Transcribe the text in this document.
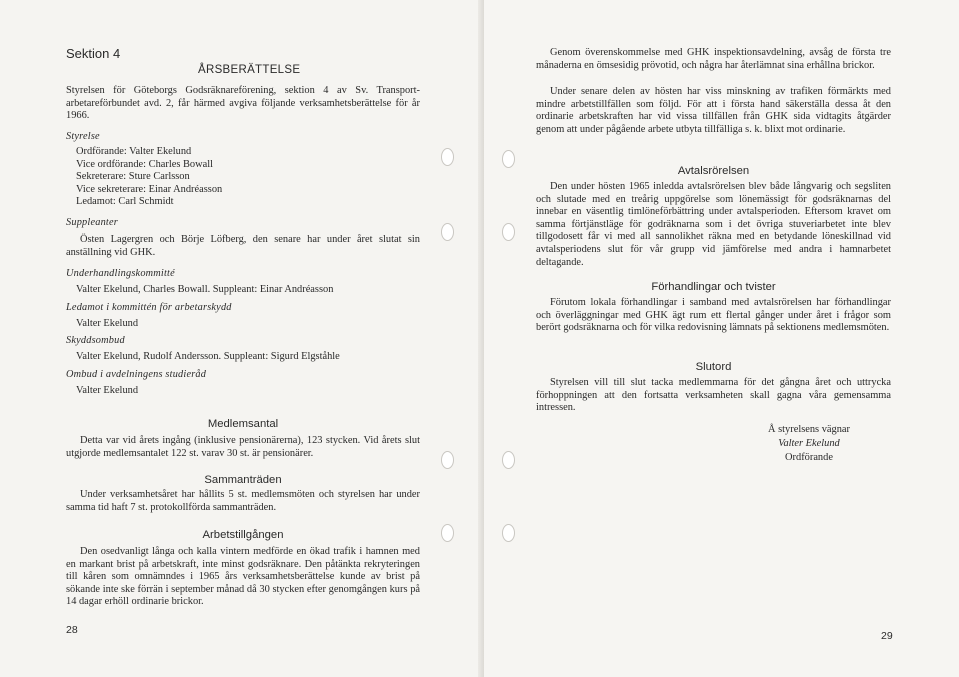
Sektion 4
ÅRSBERÄTTELSE
Styrelsen för Göteborgs Godsräknareförening, sektion 4 av Sv. Transport-arbetareförbundet avd. 2, får härmed avgiva följande verksamhetsberättelse för år 1966.
Styrelse
Ordförande: Valter Ekelund
Vice ordförande: Charles Bowall
Sekreterare: Sture Carlsson
Vice sekreterare: Einar Andréasson
Ledamot: Carl Schmidt
Suppleanter
Östen Lagergren och Börje Löfberg, den senare har under året slutat sin anställning vid GHK.
Underhandlingskommitté
Valter Ekelund, Charles Bowall. Suppleant: Einar Andréasson
Ledamot i kommittén för arbetarskydd
Valter Ekelund
Skyddsombud
Valter Ekelund, Rudolf Andersson. Suppleant: Sigurd Elgståhle
Ombud i avdelningens studieråd
Valter Ekelund
Medlemsantal
Detta var vid årets ingång (inklusive pensionärerna), 123 stycken. Vid årets slut utgjorde medlemsantalet 122 st. varav 30 st. är pensionärer.
Sammanträden
Under verksamhetsåret har hållits 5 st. medlemsmöten och styrelsen har under samma tid haft 7 st. protokollförda sammanträden.
Arbetstillgången
Den osedvanligt långa och kalla vintern medförde en ökad trafik i hamnen med en markant brist på arbetskraft, inte minst godsräknare. Den påtänkta rekryteringen till kåren som omnämndes i 1965 års verksamhetsberättelse kunde av brist på sökande inte ske förrän i september månad då 30 stycken efter genomgången kurs på 14 dagar erhöll ordinarie brickor.
28
Genom överenskommelse med GHK inspektionsavdelning, avsåg de första tre månaderna en ömsesidig prövotid, och några har återlämnat sina erhållna brickor.
Under senare delen av hösten har viss minskning av trafiken förmärkts med mindre arbetstillfällen som följd. För att i första hand säkerställa dessa åt den ordinarie arbetskraften har vid vissa tillfällen från GHK sida vidtagits åtgärder genom att under pågående arbete utbyta tillfälliga s. k. blixt mot ordinarie.
Avtalsrörelsen
Den under hösten 1965 inledda avtalsrörelsen blev både långvarig och segsliten och slutade med en treårig uppgörelse som lönemässigt för godsräknarnas del innebar en väsentlig timlöneförbättring under avtalsperioden. Eftersom kravet om samma förtjänstläge för godräknarna som i det övriga stuveriarbetet inte blev tillgodosett får vi med all sannolikhet räkna med en betydande löneskillnad vid avtalsperiodens slut för vår grupp vid jämförelse med andra i hamnarbetet deltagande.
Förhandlingar och tvister
Förutom lokala förhandlingar i samband med avtalsrörelsen har förhandlingar och överläggningar med GHK ägt rum ett flertal gånger under året i frågor som berört godsräknarna och för vilka redovisning lämnats på sektionens medlemsmöten.
Slutord
Styrelsen vill till slut tacka medlemmarna för det gångna året och uttrycka förhoppningen att den fortsatta verksamheten skall gagna våra gemensamma intressen.
Å styrelsens vägnar
Valter Ekelund
Ordförande
29
